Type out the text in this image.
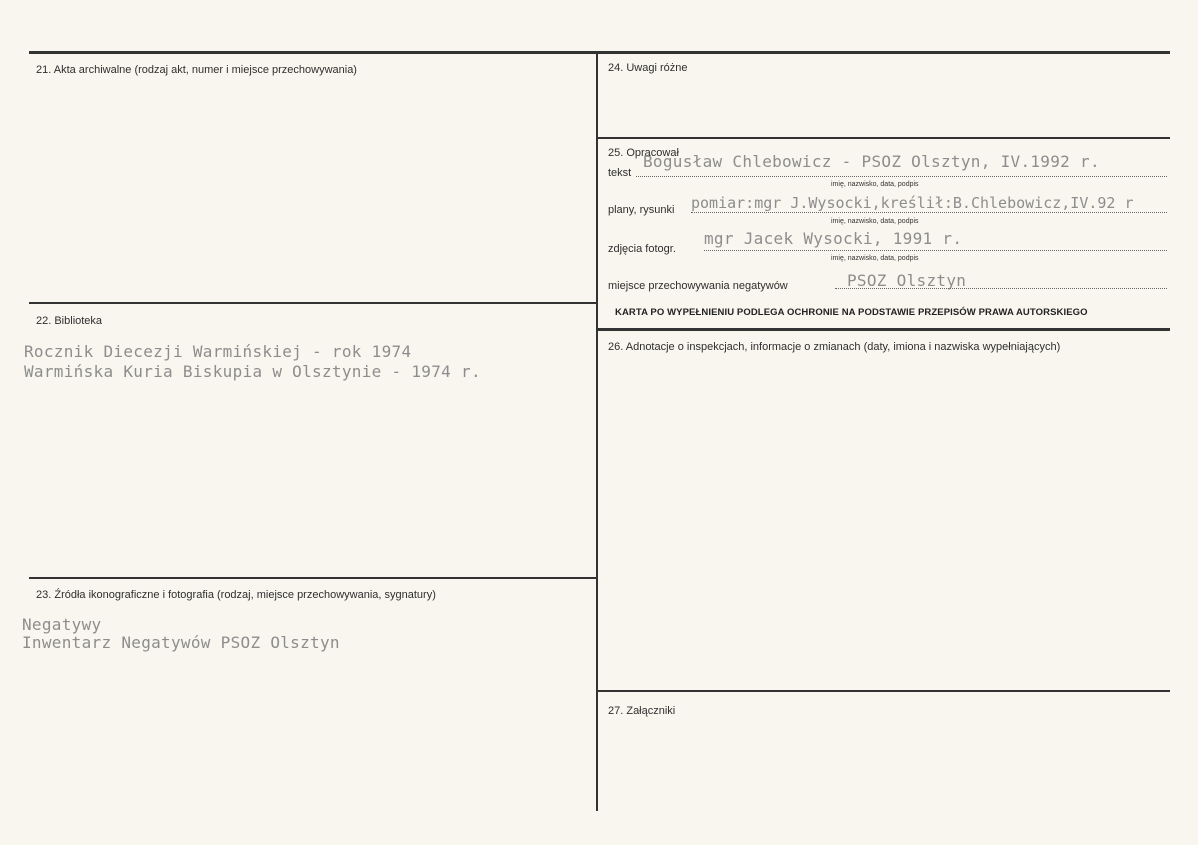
21. Akta archiwalne (rodzaj akt, numer i miejsce przechowywania)
22. Biblioteka
Rocznik Diecezji Warmińskiej - rok 1974
Warmińska Kuria Biskupia w Olsztynie - 1974 r.
23. Źródła ikonograficzne i fotografia (rodzaj, miejsce przechowywania, sygnatury)
Negatywy
Inwentarz Negatywów PSOZ Olsztyn
24. Uwagi różne
25. Opracował
tekst
Bogusław Chlebowicz - PSOZ Olsztyn, IV.1992 r.
imię, nazwisko, data, podpis
plany, rysunki pomiar:mgr J.Wysocki,kreślił:B.Chlebowicz,IV.92 r
imię, nazwisko, data, podpis
zdjęcia fotogr.
mgr Jacek Wysocki, 1991 r.
imię, nazwisko, data, podpis
miejsce przechowywania negatywów	PSOZ Olsztyn
KARTA PO WYPEŁNIENIU PODLEGA OCHRONIE NA PODSTAWIE PRZEPISÓW PRAWA AUTORSKIEGO
26. Adnotacje o inspekcjach, informacje o zmianach (daty, imiona i nazwiska wypełniających)
27. Załączniki
